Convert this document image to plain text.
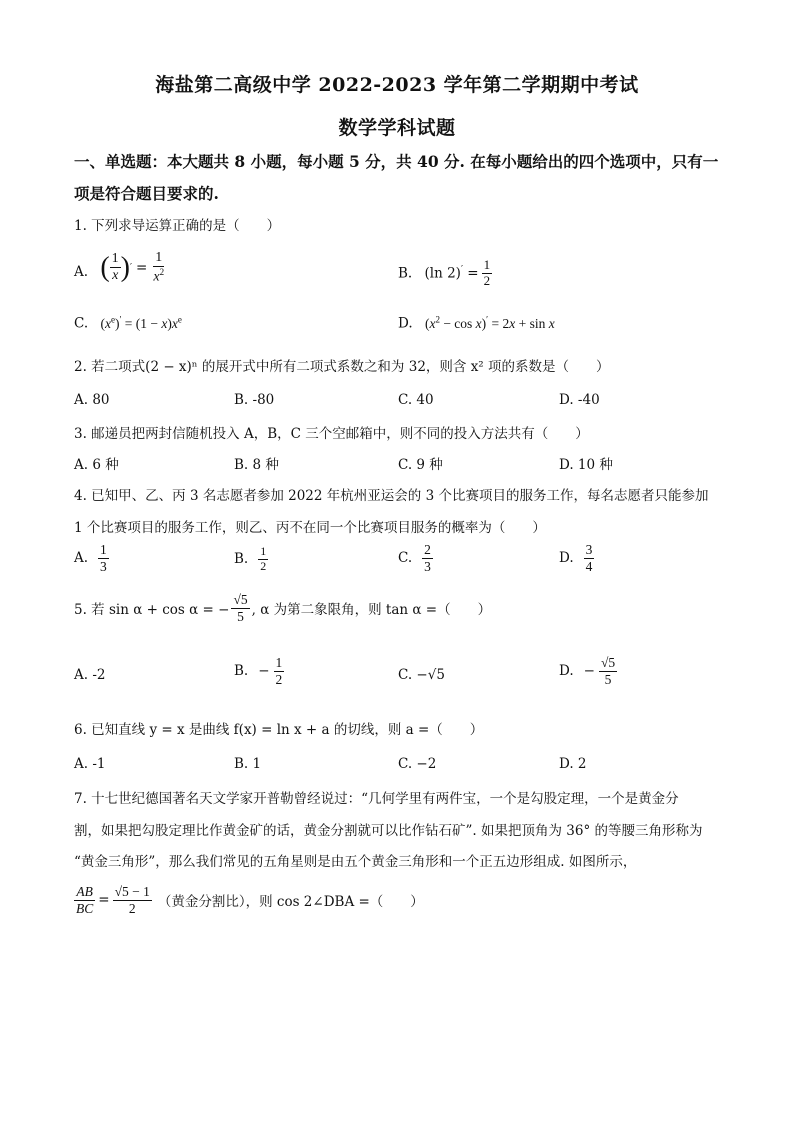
海盐第二高级中学 2022-2023 学年第二学期期中考试
数学学科试题
一、单选题：本大题共 8 小题，每小题 5 分，共 40 分. 在每小题给出的四个选项中，只有一
项是符合题目要求的.
1. 下列求导运算正确的是（　　）
A. ( $\frac{1}{x}$ ) ′ = $\frac{1}{x^2}$	B. (ln $2)' = \frac{1}{2}$
C. $(x^e)' = (1 - x)x^e$	D. $(x^2 - \cos x)' = 2x + \sin x$
2. 若二项式(2 − x)ⁿ 的展开式中所有二项式系数之和为 32，则含 x² 项的系数是（　　）
A. 80	B. -80	C. 40	D. -40
3. 邮递员把两封信随机投入 A，B，C 三个空邮箱中，则不同的投入方法共有（　　）
A. 6 种	B. 8 种	C. 9 种	D. 10 种
4. 已知甲、乙、丙 3 名志愿者参加 2022 年杭州亚运会的 3 个比赛项目的服务工作，每名志愿者只能参加
1 个比赛项目的服务工作，则乙、丙不在同一个比赛项目服务的概率为（　　）
A. $\frac{1}{3}$	B. $\frac{1}{2}$	C. $\frac{2}{3}$	D. $\frac{3}{4}$
5. 若 sin α + cos α = − $\frac{√5}{5}$ , α 为第二象限角，则 tan α =（　　）
A. -2	B. − $\frac{1}{2}$	C. −√5	D. − $\frac{√5}{5}$
6. 已知直线 y = x 是曲线 f(x) = ln x + a 的切线，则 a =（　　）
A. -1	B. 1	C. −2	D. 2
7. 十七世纪德国著名天文学家开普勒曾经说过：“几何学里有两件宝，一个是勾股定理，一个是黄金分
割，如果把勾股定理比作黄金矿的话，黄金分割就可以比作钻石矿”. 如果把顶角为 36° 的等腰三角形称为
“黄金三角形”，那么我们常见的五角星则是由五个黄金三角形和一个正五边形组成. 如图所示，
$\frac{AB}{BC} = \frac{√5 - 1}{2}$ （黄金分割比），则 cos 2∠DBA =（　　）
